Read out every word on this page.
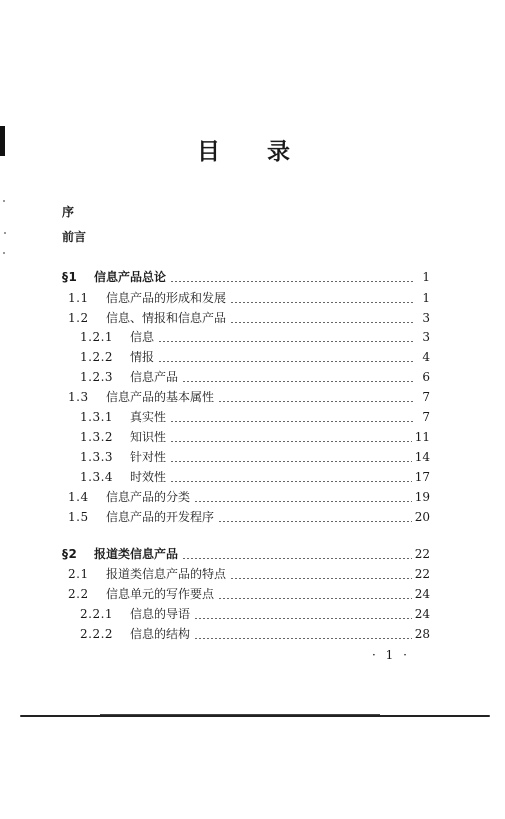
目 录
序
前言
§1	信息产品总论	1
1.1	信息产品的形成和发展	1
1.2	信息、情报和信息产品	3
1.2.1	信息	3
1.2.2	情报	4
1.2.3	信息产品	6
1.3	信息产品的基本属性	7
1.3.1	真实性	7
1.3.2	知识性	11
1.3.3	针对性	14
1.3.4	时效性	17
1.4	信息产品的分类	19
1.5	信息产品的开发程序	20
§2	报道类信息产品	22
2.1	报道类信息产品的特点	22
2.2	信息单元的写作要点	24
2.2.1	信息的导语	24
2.2.2	信息的结构	28
· 1 ·
